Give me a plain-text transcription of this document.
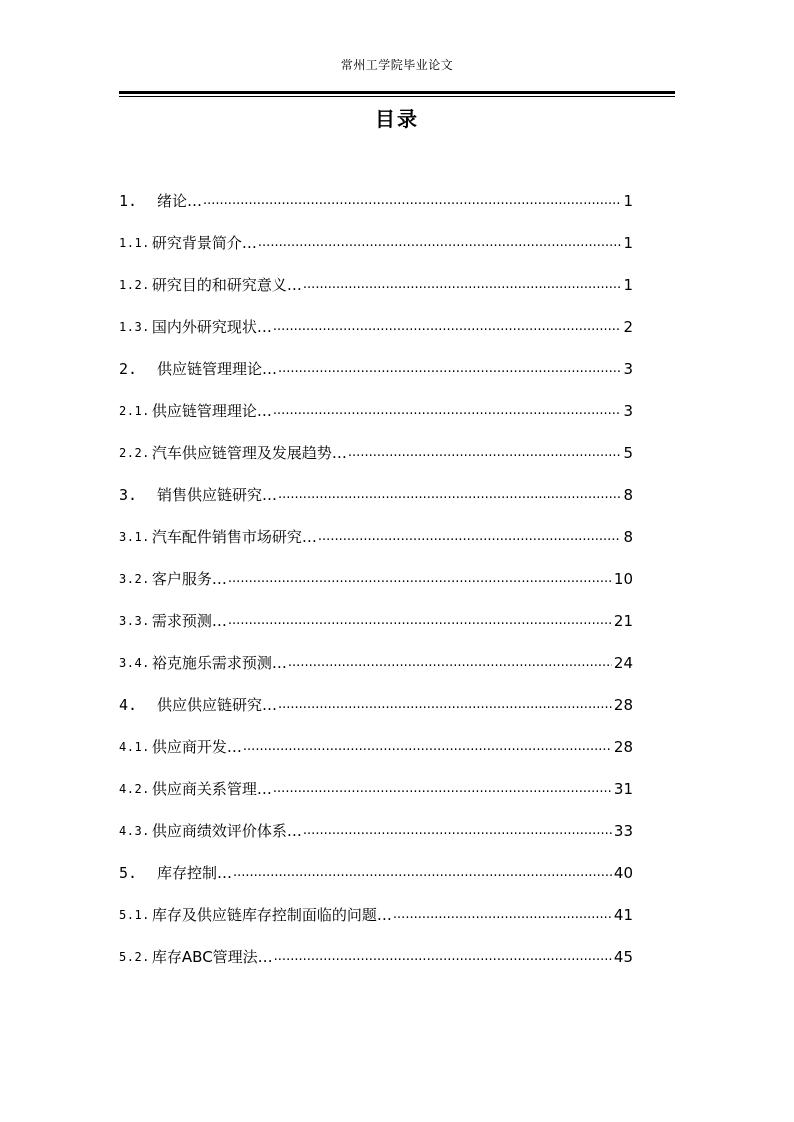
常州工学院毕业论文
目录
1.	绪论 … .....	1
1.1. 研究背景简介 … .....	1
1.2. 研究目的和研究意义 … .....	1
1.3. 国内外研究现状 … .....	2
2.	供应链管理理论 … .....	3
2.1. 供应链管理理论 … .....	3
2.2. 汽车供应链管理及发展趋势 … .....	5
3.	销售供应链研究 … .....	8
3.1. 汽车配件销售市场研究 … .....	8
3.2. 客户服务 … .....	10
3.3. 需求预测 … .....	21
3.4. 裕克施乐需求预测 … .....	24
4.	供应供应链研究 … .....	28
4.1. 供应商开发 … .....	28
4.2. 供应商关系管理 … .....	31
4.3. 供应商绩效评价体系 … .....	33
5.	库存控制 … .....	40
5.1. 库存及供应链库存控制面临的问题 … .....	41
5.2. 库存ABC管理法 … .....	45
